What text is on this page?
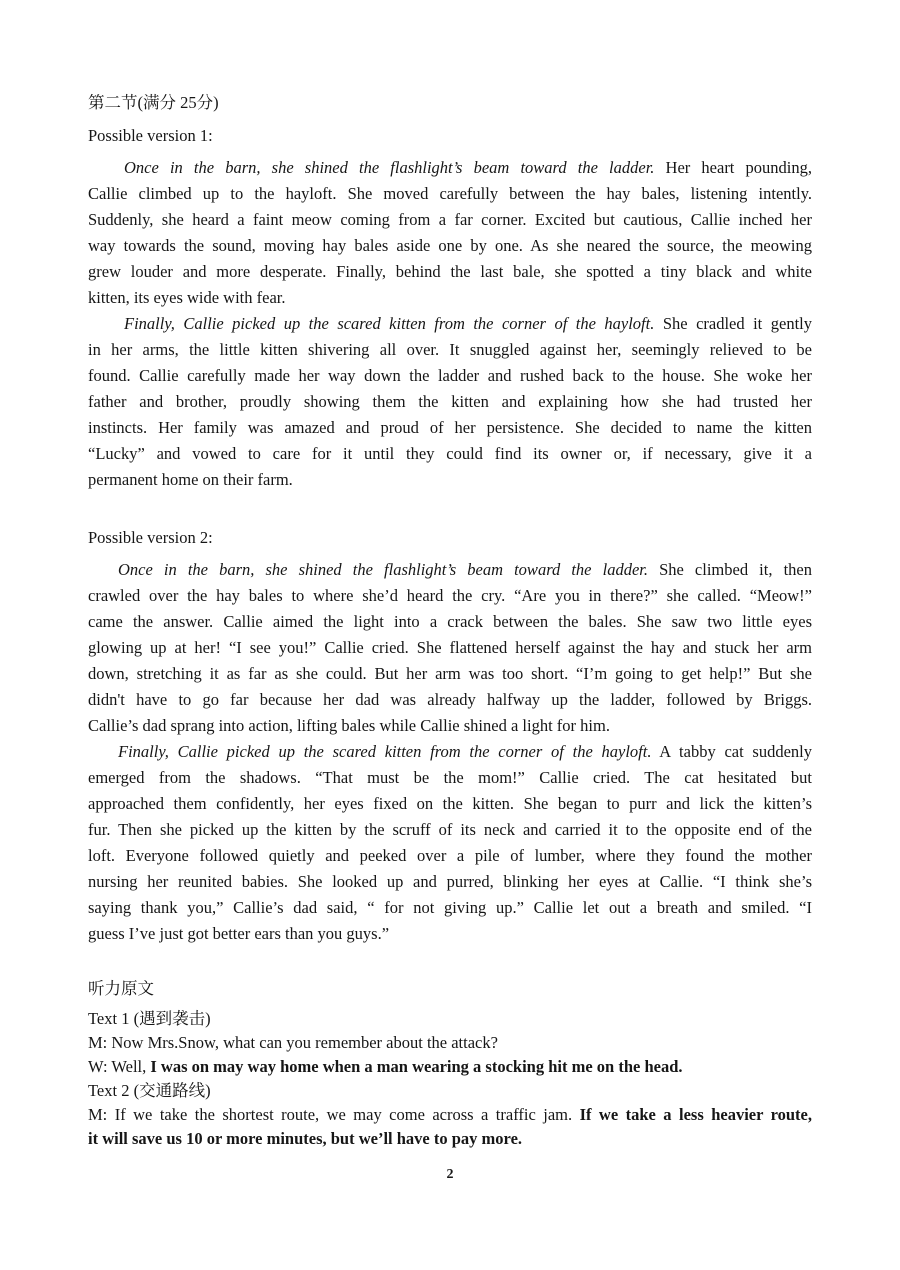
第二节(满分 25分)
Possible version 1:
Once in the barn, she shined the flashlight’s beam toward the ladder. Her heart pounding,
Callie climbed up to the hayloft. She moved carefully between the hay bales, listening intently.
Suddenly, she heard a faint meow coming from a far corner. Excited but cautious, Callie inched her
way towards the sound, moving hay bales aside one by one. As she neared the source, the meowing
grew louder and more desperate. Finally, behind the last bale, she spotted a tiny black and white
kitten, its eyes wide with fear.
Finally, Callie picked up the scared kitten from the corner of the hayloft. She cradled it gently
in her arms, the little kitten shivering all over. It snuggled against her, seemingly relieved to be
found. Callie carefully made her way down the ladder and rushed back to the house. She woke her
father and brother, proudly showing them the kitten and explaining how she had trusted her
instincts. Her family was amazed and proud of her persistence. She decided to name the kitten
“Lucky” and vowed to care for it until they could find its owner or, if necessary, give it a
permanent home on their farm.
Possible version 2:
Once in the barn, she shined the flashlight’s beam toward the ladder. She climbed it, then
crawled over the hay bales to where she’d heard the cry. “Are you in there?” she called. “Meow!”
came the answer. Callie aimed the light into a crack between the bales. She saw two little eyes
glowing up at her! “I see you!” Callie cried. She flattened herself against the hay and stuck her arm
down, stretching it as far as she could. But her arm was too short. “I’m going to get help!” But she
didn't have to go far because her dad was already halfway up the ladder, followed by Briggs.
Callie’s dad sprang into action, lifting bales while Callie shined a light for him.
Finally, Callie picked up the scared kitten from the corner of the hayloft. A tabby cat suddenly
emerged from the shadows. “That must be the mom!” Callie cried. The cat hesitated but
approached them confidently, her eyes fixed on the kitten. She began to purr and lick the kitten’s
fur. Then she picked up the kitten by the scruff of its neck and carried it to the opposite end of the
loft. Everyone followed quietly and peeked over a pile of lumber, where they found the mother
nursing her reunited babies. She looked up and purred, blinking her eyes at Callie. “I think she’s
saying thank you,” Callie’s dad said, “ for not giving up.” Callie let out a breath and smiled. “I
guess I’ve just got better ears than you guys.”
听力原文
Text 1 (遇到袭击)
M: Now Mrs.Snow, what can you remember about the attack?
W: Well, I was on may way home when a man wearing a stocking hit me on the head.
Text 2 (交通路线)
M: If we take the shortest route, we may come across a traffic jam. If we take a less heavier route,
it will save us 10 or more minutes, but we’ll have to pay more.
2
